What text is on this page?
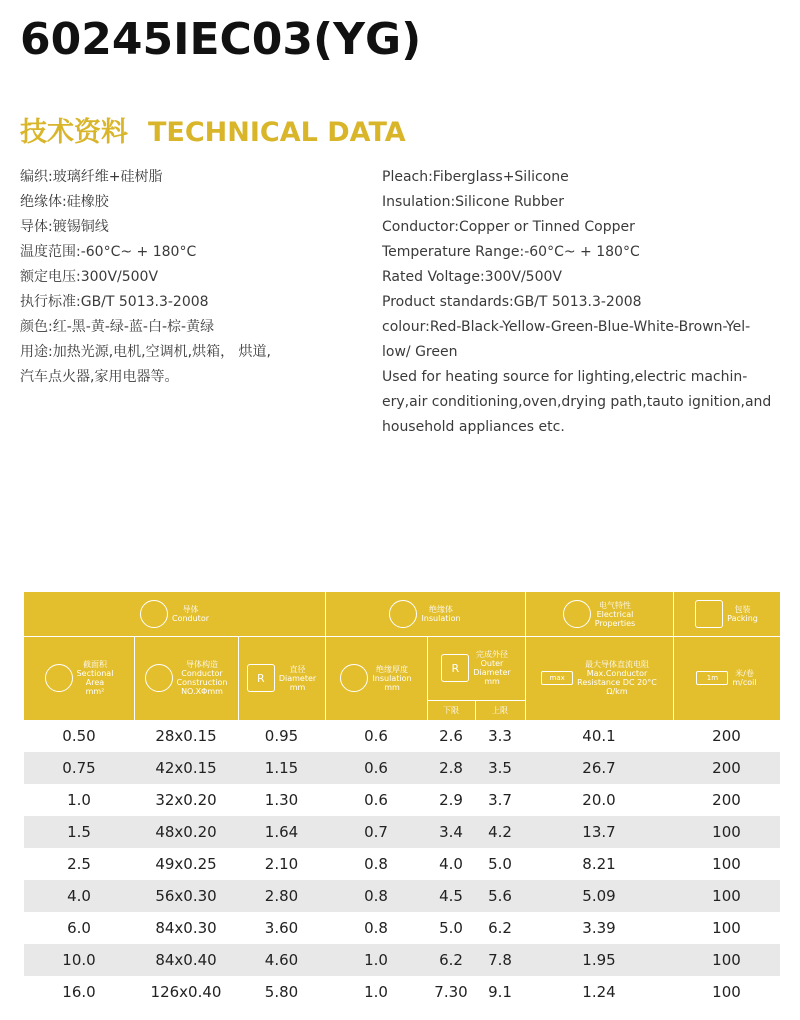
60245IEC03(YG)
技术资料 TECHNICAL DATA

编织:玻璃纤维+硅树脂

绝缘体:硅橡胶

导体:镀锡铜线

温度范围:-60°C~ + 180°C

额定电压:300V/500V

执行标准:GB/T 5013.3-2008

颜色:红-黑-黄-绿-蓝-白-棕-黄绿

用途:加热光源,电机,空调机,烘箱， 烘道,

汽车点火器,家用电器等。

Pleach:Fiberglass+Silicone

Insulation:Silicone Rubber

Conductor:Copper or Tinned Copper

Temperature Range:-60°C~ + 180°C

Rated Voltage:300V/500V

Product standards:GB/T 5013.3-2008

colour:Red-Black-Yellow-Green-Blue-White-Brown-Yel-

low/ Green

Used for heating source for lighting,electric machin-

ery,air conditioning,oven,drying path,tauto ignition,and

household appliances etc.

导体
Condutor
绝缘体
Insulation
电气特性
Electrical
Properties
包装
Packing
截面积
Sectional
Area
mm²
导体构造
Conductor
Construction
NO.XΦmm
R
直径
Diameter
mm
绝缘厚度
Insulation
mm
R
完成外径
Outer
Diameter
mm
下限	上限
max
最大导体直流电阻
Max.Conductor
Resistance DC 20°C
Ω/km
1m	米/卷
m/coil
0.50	28x0.15	0.95	0.6	2.6	3.3	40.1	200
0.75	42x0.15	1.15	0.6	2.8	3.5	26.7	200
1.0	32x0.20	1.30	0.6	2.9	3.7	20.0	200
1.5	48x0.20	1.64	0.7	3.4	4.2	13.7	100
2.5	49x0.25	2.10	0.8	4.0	5.0	8.21	100
4.0	56x0.30	2.80	0.8	4.5	5.6	5.09	100
6.0	84x0.30	3.60	0.8	5.0	6.2	3.39	100
10.0	84x0.40	4.60	1.0	6.2	7.8	1.95	100
16.0	126x0.40	5.80	1.0	7.30	9.1	1.24	100
